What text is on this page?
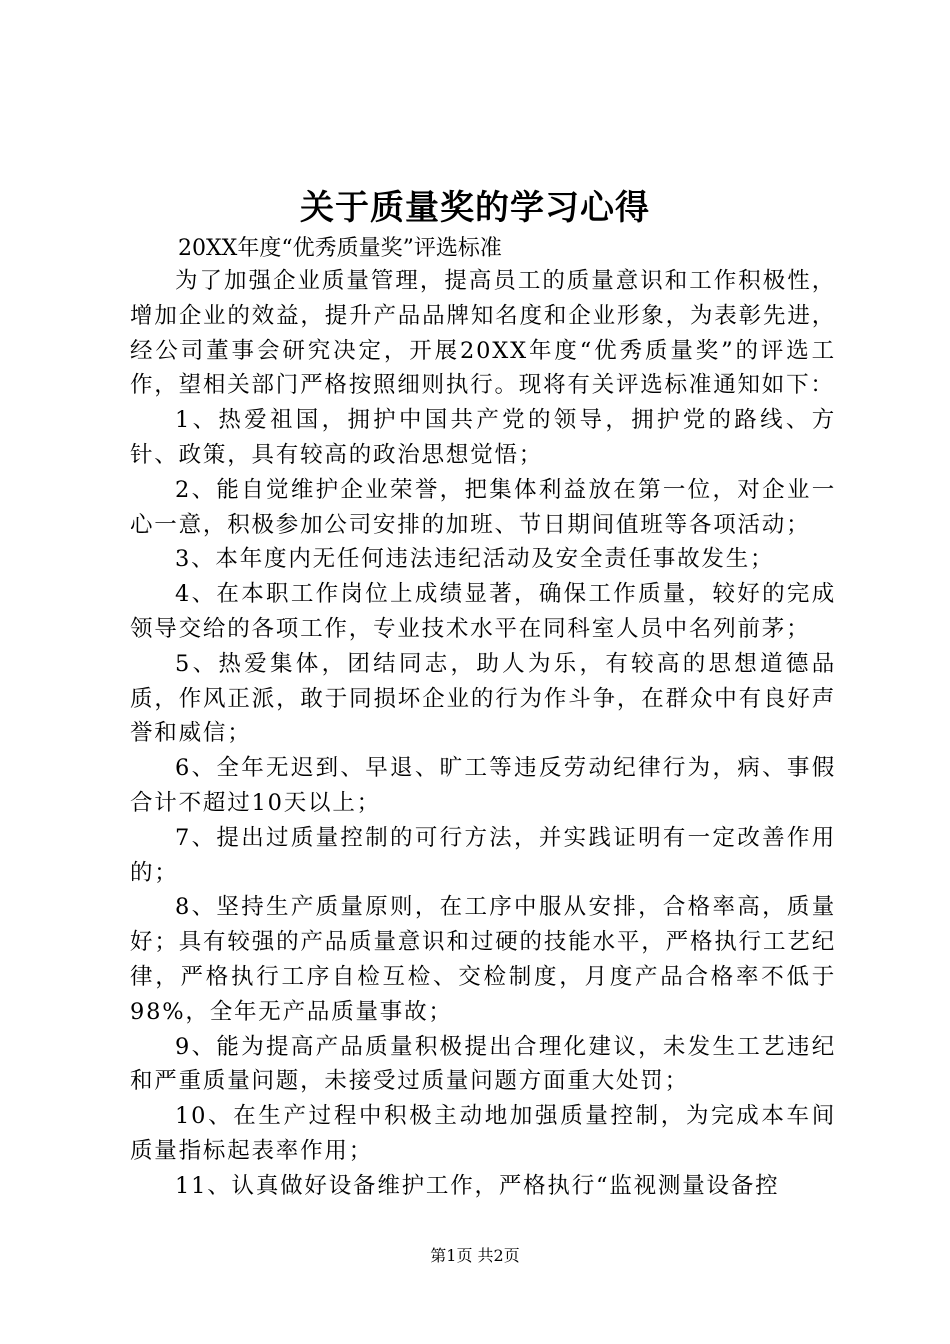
关于质量奖的学习心得
20XX年度“优秀质量奖”评选标准

为了加强企业质量管理，提高员工的质量意识和工作积极性，增加企业的效益，提升产品品牌知名度和企业形象，为表彰先进，经公司董事会研究决定，开展20XX年度“优秀质量奖”的评选工作，望相关部门严格按照细则执行。现将有关评选标准通知如下：

1、热爱祖国，拥护中国共产党的领导，拥护党的路线、方针、政策，具有较高的政治思想觉悟；

2、能自觉维护企业荣誉，把集体利益放在第一位，对企业一心一意，积极参加公司安排的加班、节日期间值班等各项活动；

3、本年度内无任何违法违纪活动及安全责任事故发生；

4、在本职工作岗位上成绩显著，确保工作质量，较好的完成领导交给的各项工作，专业技术水平在同科室人员中名列前茅；

5、热爱集体，团结同志，助人为乐，有较高的思想道德品质，作风正派，敢于同损坏企业的行为作斗争，在群众中有良好声誉和威信；

6、全年无迟到、早退、旷工等违反劳动纪律行为，病、事假合计不超过10天以上；

7、提出过质量控制的可行方法，并实践证明有一定改善作用的；

8、坚持生产质量原则，在工序中服从安排，合格率高，质量好；具有较强的产品质量意识和过硬的技能水平，严格执行工艺纪律，严格执行工序自检互检、交检制度，月度产品合格率不低于98%，全年无产品质量事故；

9、能为提高产品质量积极提出合理化建议，未发生工艺违纪和严重质量问题，未接受过质量问题方面重大处罚；

10、在生产过程中积极主动地加强质量控制，为完成本车间质量指标起表率作用；

11、认真做好设备维护工作，严格执行“监视测量设备控

第1页 共2页
